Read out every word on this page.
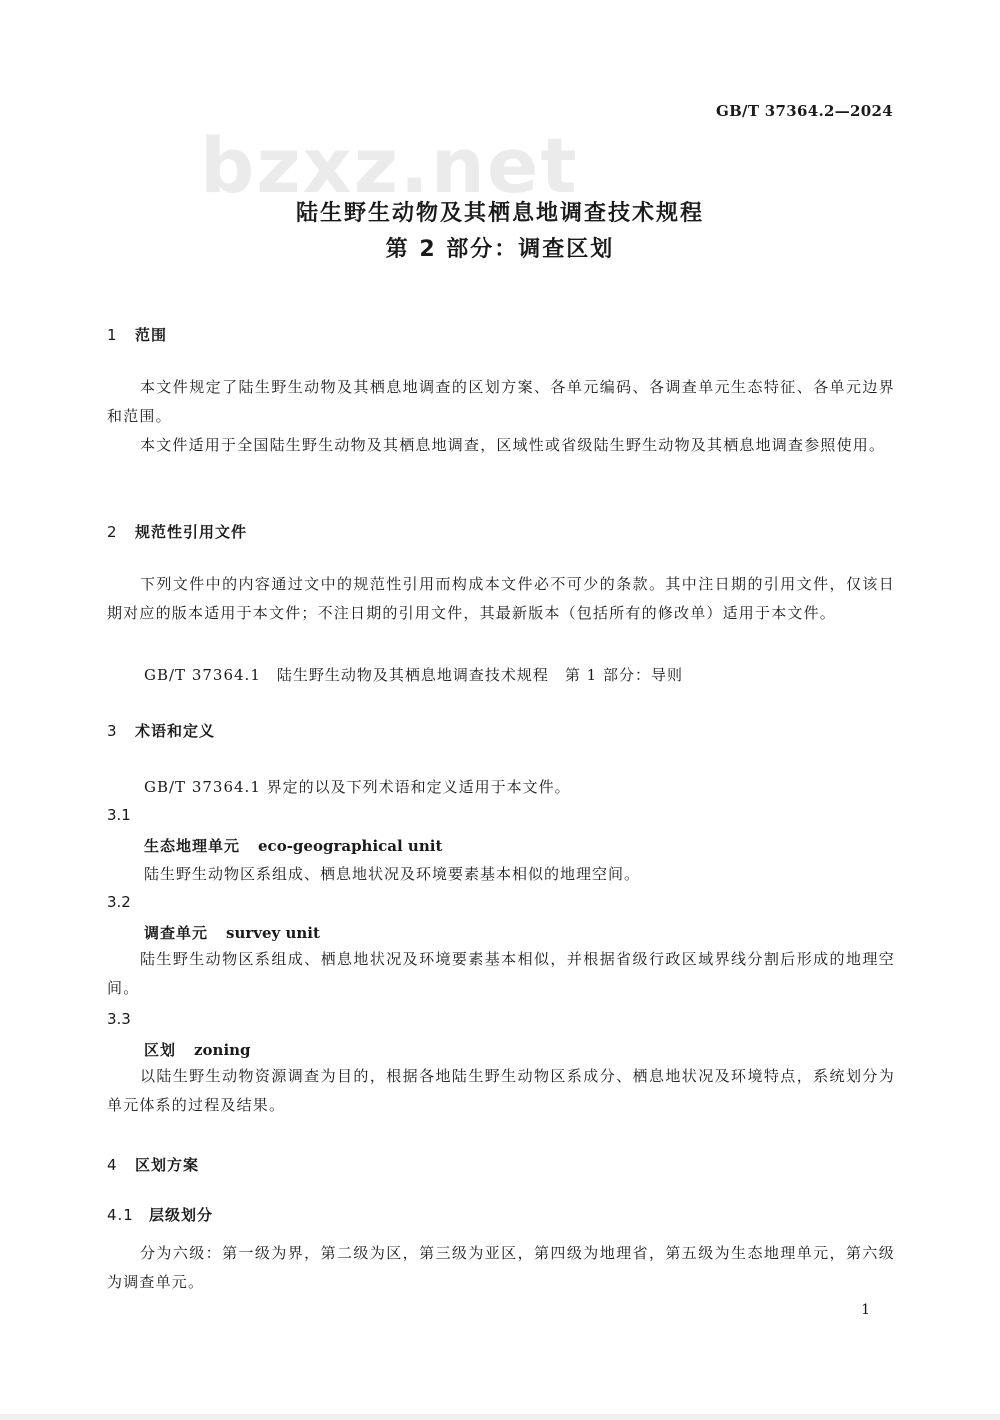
GB/T 37364.2—2024
bzxz.net
陆生野生动物及其栖息地调查技术规程
第 2 部分：调查区划
1 范围
本文件规定了陆生野生动物及其栖息地调查的区划方案、各单元编码、各调查单元生态特征、各单元边界和范围。
本文件适用于全国陆生野生动物及其栖息地调查，区域性或省级陆生野生动物及其栖息地调查参照使用。
2 规范性引用文件
下列文件中的内容通过文中的规范性引用而构成本文件必不可少的条款。其中注日期的引用文件，仅该日期对应的版本适用于本文件；不注日期的引用文件，其最新版本（包括所有的修改单）适用于本文件。
GB/T 37364.1　陆生野生动物及其栖息地调查技术规程　第 1 部分：导则
3 术语和定义
GB/T 37364.1 界定的以及下列术语和定义适用于本文件。
3.1
生态地理单元 eco-geographical unit
陆生野生动物区系组成、栖息地状况及环境要素基本相似的地理空间。
3.2
调查单元 survey unit
陆生野生动物区系组成、栖息地状况及环境要素基本相似，并根据省级行政区域界线分割后形成的地理空间。
3.3
区划 zoning
以陆生野生动物资源调查为目的，根据各地陆生野生动物区系成分、栖息地状况及环境特点，系统划分为单元体系的过程及结果。
4 区划方案
4.1 层级划分
分为六级：第一级为界，第二级为区，第三级为亚区，第四级为地理省，第五级为生态地理单元，第六级为调查单元。
1
